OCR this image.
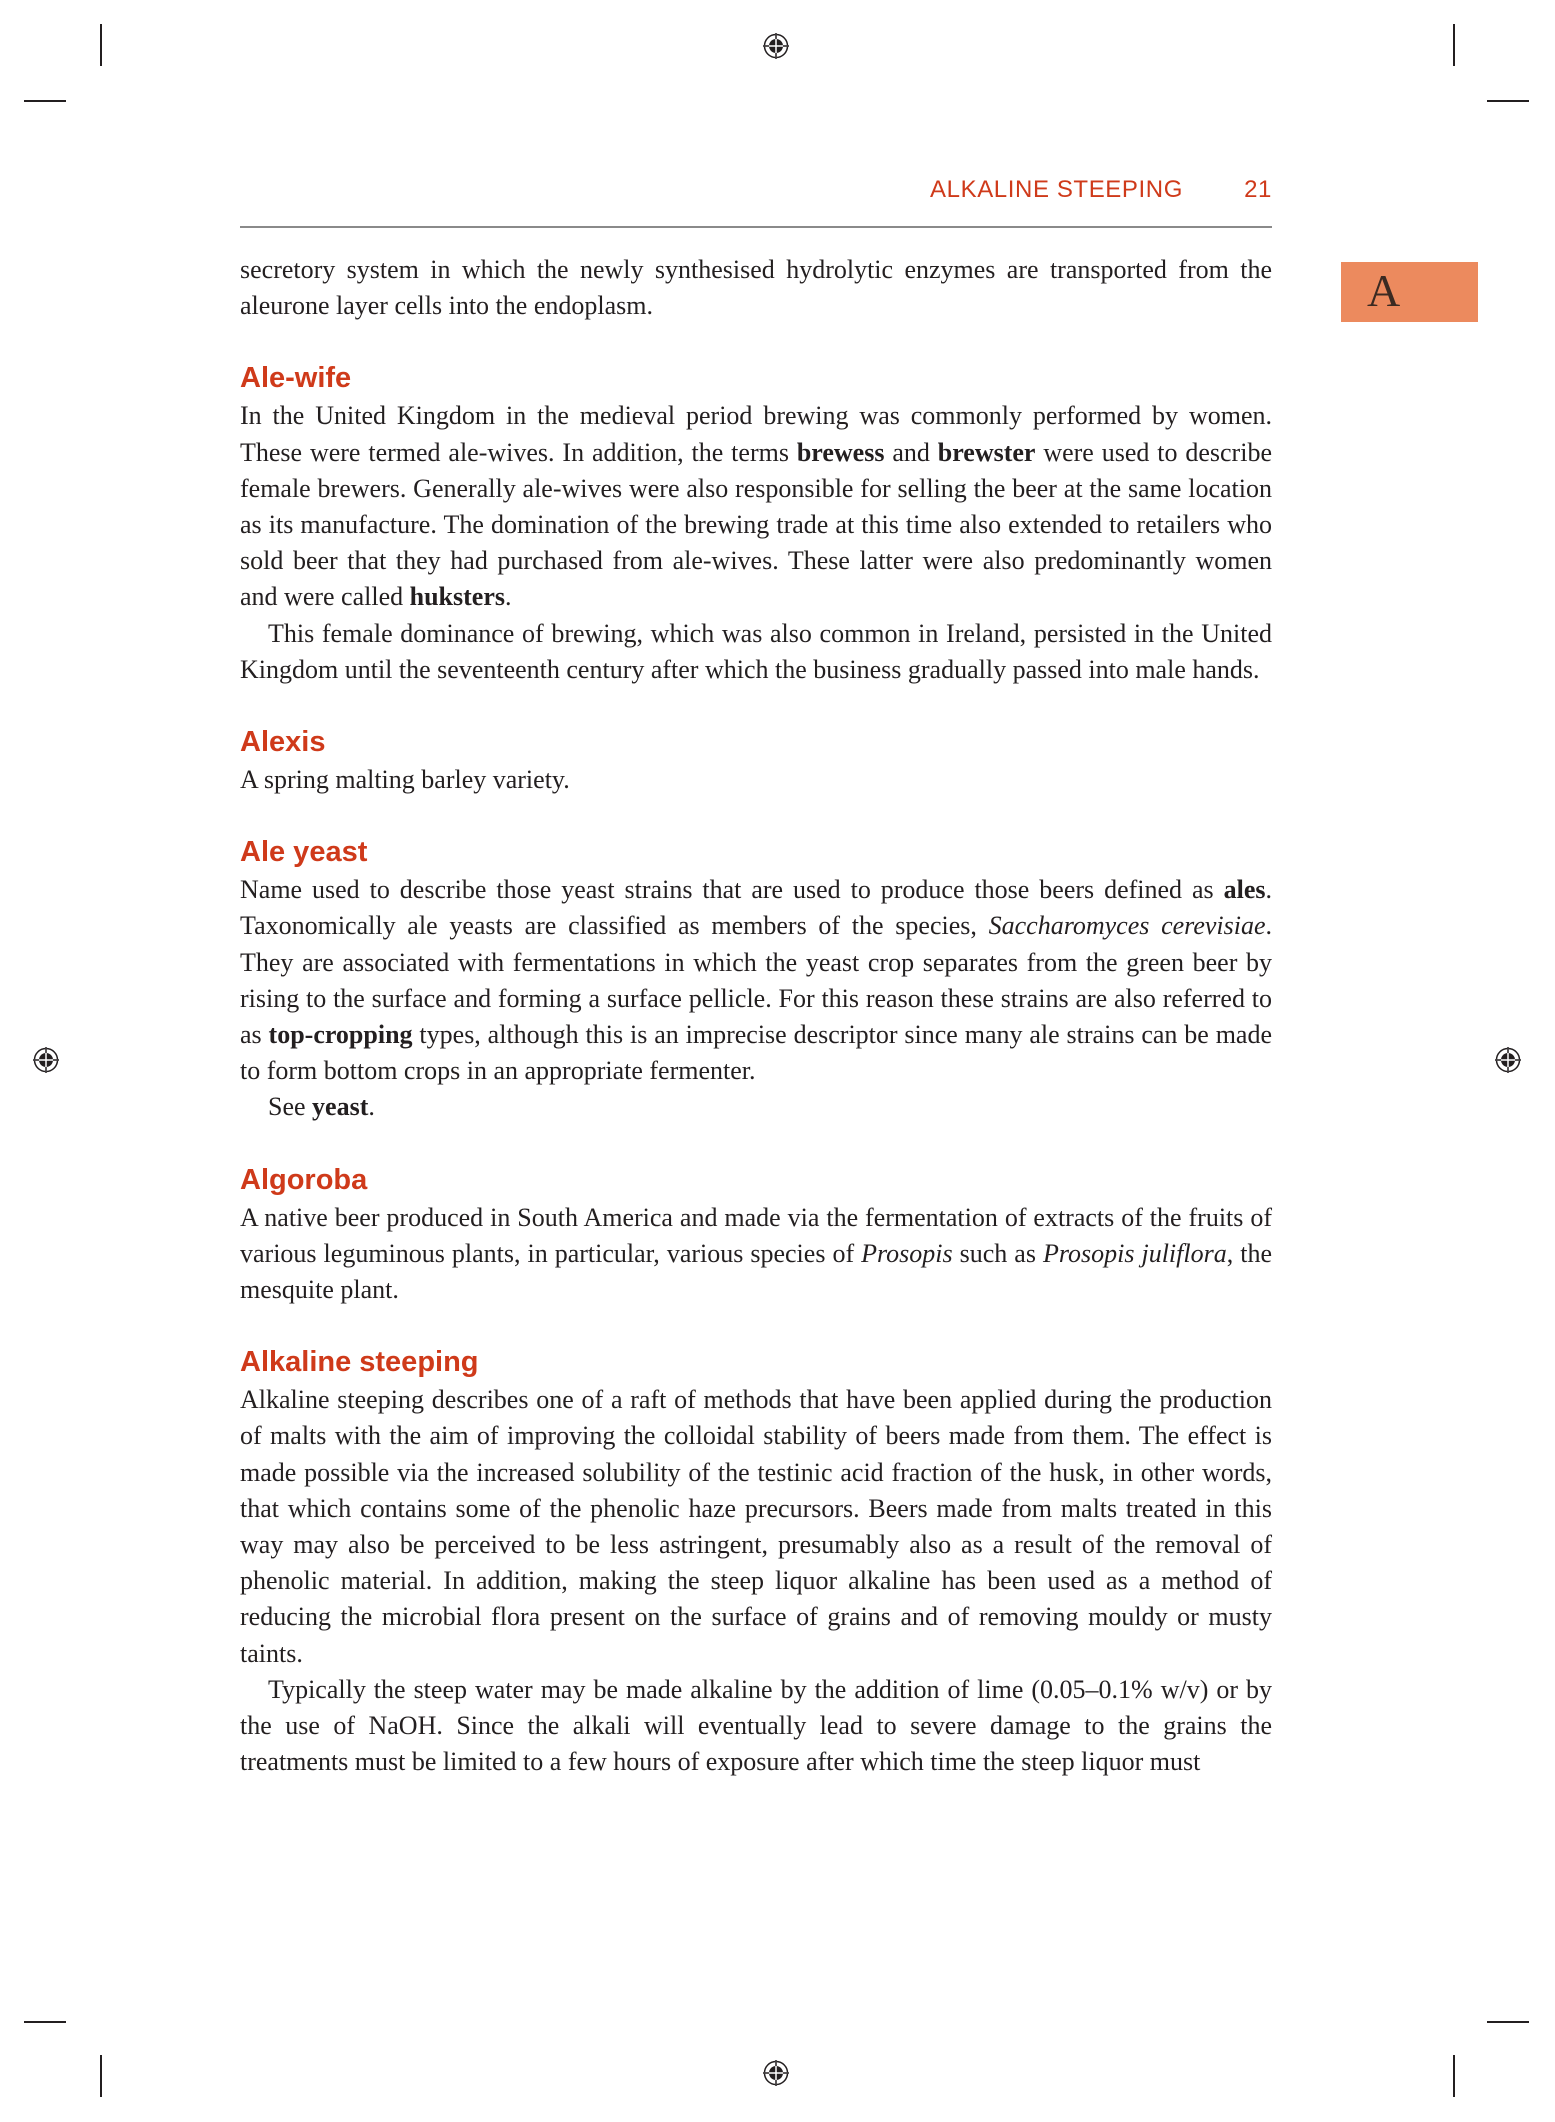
ALKALINE STEEPING	21
A

secretory system in which the newly synthesised hydrolytic enzymes are transported from the aleurone layer cells into the endoplasm.

Ale-wife

In the United Kingdom in the medieval period brewing was commonly performed by women. These were termed ale-wives. In addition, the terms brewess and brewster were used to describe female brewers. Generally ale-wives were also responsible for selling the beer at the same location as its manufacture. The domination of the brewing trade at this time also extended to retailers who sold beer that they had purchased from ale-wives. These latter were also predominantly women and were called huksters.

This female dominance of brewing, which was also common in Ireland, persisted in the United Kingdom until the seventeenth century after which the business gradually passed into male hands.

Alexis

A spring malting barley variety.

Ale yeast

Name used to describe those yeast strains that are used to produce those beers defined as ales. Taxonomically ale yeasts are classified as members of the species, Saccharomyces cerevisiae. They are associated with fermentations in which the yeast crop separates from the green beer by rising to the surface and forming a surface pellicle. For this reason these strains are also referred to as top-cropping types, although this is an imprecise descriptor since many ale strains can be made to form bottom crops in an appropriate fermenter.

See yeast.

Algoroba

A native beer produced in South America and made via the fermentation of extracts of the fruits of various leguminous plants, in particular, various species of Prosopis such as Prosopis juliflora, the mesquite plant.

Alkaline steeping

Alkaline steeping describes one of a raft of methods that have been applied during the production of malts with the aim of improving the colloidal stability of beers made from them. The effect is made possible via the increased solubility of the testinic acid fraction of the husk, in other words, that which contains some of the phenolic haze precursors. Beers made from malts treated in this way may also be perceived to be less astringent, presumably also as a result of the removal of phenolic material. In addition, making the steep liquor alkaline has been used as a method of reducing the microbial flora present on the surface of grains and of removing mouldy or musty taints.

Typically the steep water may be made alkaline by the addition of lime (0.05–0.1% w/v) or by the use of NaOH. Since the alkali will eventually lead to severe damage to the grains the treatments must be limited to a few hours of exposure after which time the steep liquor must
